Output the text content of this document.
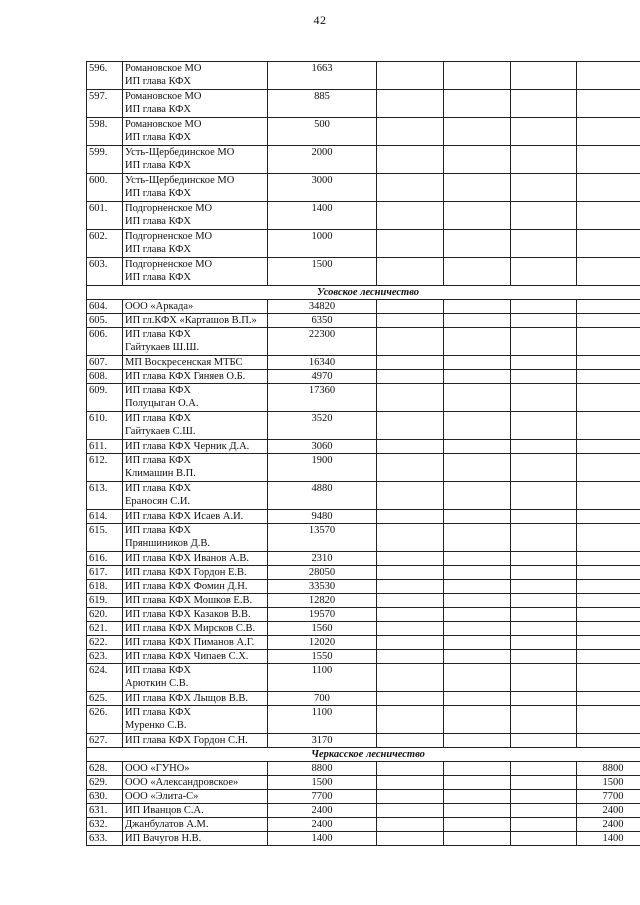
42
596.	Романовское МО
ИП глава КФХ	1663				
597.	Романовское МО
ИП глава КФХ	885				
598.	Романовское МО
ИП глава КФХ	500				
599.	Усть-Щербединское МО
ИП глава КФХ	2000				
600.	Усть-Щербединское МО
ИП глава КФХ	3000				
601.	Подгорненское МО
ИП глава КФХ	1400				
602.	Подгорненское МО
ИП глава КФХ	1000				
603.	Подгорненское МО
ИП глава КФХ	1500				
Усовское лесничество						
604.	ООО «Аркада»	34820				
605.	ИП гл.КФХ «Карташов В.П.»	6350				
606.	ИП глава КФХ
Гайтукаев Ш.Ш.	22300				
607.	МП Воскресенская МТБС	16340				
608.	ИП глава КФХ Гяняев О.Б.	4970				
609.	ИП глава КФХ
Полуцыган О.А.	17360				
610.	ИП глава КФХ
Гайтукаев С.Ш.	3520				
611.	ИП глава КФХ Черник Д.А.	3060				
612.	ИП глава КФХ
Климашин В.П.	1900				
613.	ИП глава КФХ
Ераносян С.И.	4880				
614.	ИП глава КФХ Исаев А.И.	9480				
615.	ИП глава КФХ
Пряншиников Д.В.	13570				
616.	ИП глава КФХ Иванов А.В.	2310				
617.	ИП глава КФХ Гордон Е.В.	28050				
618.	ИП глава КФХ Фомин Д.Н.	33530				
619.	ИП глава КФХ Мошков Е.В.	12820				
620.	ИП глава КФХ Казаков В.В.	19570				
621.	ИП глава КФХ Мирсков С.В.	1560				
622.	ИП глава КФХ Пиманов А.Г.	12020				
623.	ИП глава КФХ Чипаев С.Х.	1550				
624.	ИП глава КФХ
Арюткин С.В.	1100				
625.	ИП глава КФХ Лыщов В.В.	700				
626.	ИП глава КФХ
Муренко С.В.	1100				
627.	ИП глава КФХ Гордон С.Н.	3170				
Черкасское лесничество						
628.	ООО «ГУНО»	8800				8800
629.	ООО «Александровское»	1500				1500
630.	ООО «Элита-С»	7700				7700
631.	ИП Иванцов С.А.	2400				2400
632.	Джанбулатов А.М.	2400				2400
633.	ИП Вачугов Н.В.	1400				1400
